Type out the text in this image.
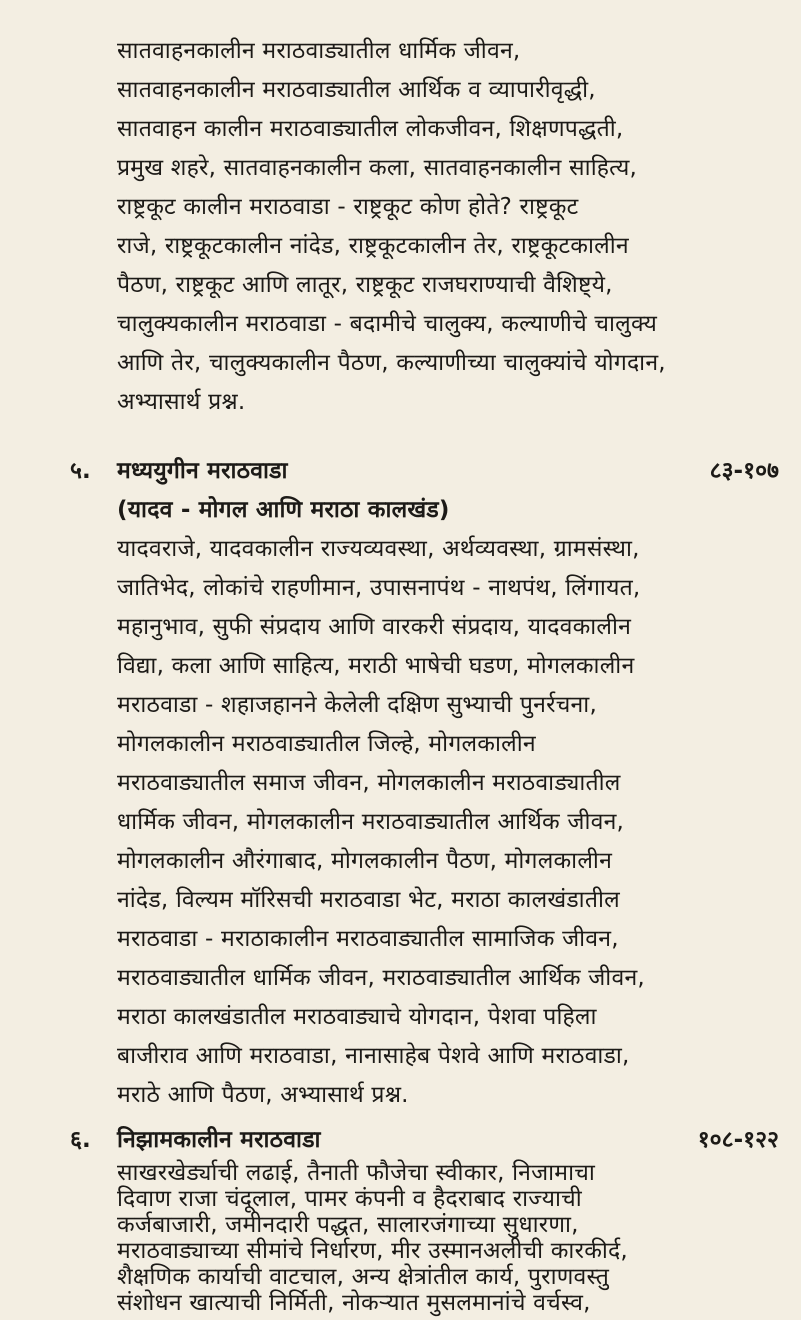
सातवाहनकालीन मराठवाड्यातील धार्मिक जीवन,
सातवाहनकालीन मराठवाड्यातील आर्थिक व व्यापारीवृद्धी,
सातवाहन कालीन मराठवाड्यातील लोकजीवन, शिक्षणपद्धती,
प्रमुख शहरे, सातवाहनकालीन कला, सातवाहनकालीन साहित्य,
राष्ट्रकूट कालीन मराठवाडा - राष्ट्रकूट कोण होते? राष्ट्रकूट
राजे, राष्ट्रकूटकालीन नांदेड, राष्ट्रकूटकालीन तेर, राष्ट्रकूटकालीन
पैठण, राष्ट्रकूट आणि लातूर, राष्ट्रकूट राजघराण्याची वैशिष्ट्ये,
चालुक्यकालीन मराठवाडा - बदामीचे चालुक्य, कल्याणीचे चालुक्य
आणि तेर, चालुक्यकालीन पैठण, कल्याणीच्या चालुक्यांचे योगदान,
अभ्यासार्थ प्रश्न.
५. मध्ययुगीन मराठवाडा	८३-१०७
(यादव - मोगल आणि मराठा कालखंड)
यादवराजे, यादवकालीन राज्यव्यवस्था, अर्थव्यवस्था, ग्रामसंस्था,
जातिभेद, लोकांचे राहणीमान, उपासनापंथ - नाथपंथ, लिंगायत,
महानुभाव, सुफी संप्रदाय आणि वारकरी संप्रदाय, यादवकालीन
विद्या, कला आणि साहित्य, मराठी भाषेची घडण, मोगलकालीन
मराठवाडा - शहाजहानने केलेली दक्षिण सुभ्याची पुनर्रचना,
मोगलकालीन मराठवाड्यातील जिल्हे, मोगलकालीन
मराठवाड्यातील समाज जीवन, मोगलकालीन मराठवाड्यातील
धार्मिक जीवन, मोगलकालीन मराठवाड्यातील आर्थिक जीवन,
मोगलकालीन औरंगाबाद, मोगलकालीन पैठण, मोगलकालीन
नांदेड, विल्यम मॉरिसची मराठवाडा भेट, मराठा कालखंडातील
मराठवाडा - मराठाकालीन मराठवाड्यातील सामाजिक जीवन,
मराठवाड्यातील धार्मिक जीवन, मराठवाड्यातील आर्थिक जीवन,
मराठा कालखंडातील मराठवाड्याचे योगदान, पेशवा पहिला
बाजीराव आणि मराठवाडा, नानासाहेब पेशवे आणि मराठवाडा,
मराठे आणि पैठण, अभ्यासार्थ प्रश्न.
६. निझामकालीन मराठवाडा	१०८-१२२
साखरखेर्ड्याची लढाई, तैनाती फौजेचा स्वीकार, निजामाचा
दिवाण राजा चंदूलाल, पामर कंपनी व हैदराबाद राज्याची
कर्जबाजारी, जमीनदारी पद्धत, सालारजंगाच्या सुधारणा,
मराठवाड्याच्या सीमांचे निर्धारण, मीर उस्मानअलीची कारकीर्द,
शैक्षणिक कार्याची वाटचाल, अन्य क्षेत्रांतील कार्य, पुराणवस्तु
संशोधन खात्याची निर्मिती, नोकऱ्यात मुसलमानांचे वर्चस्व,
